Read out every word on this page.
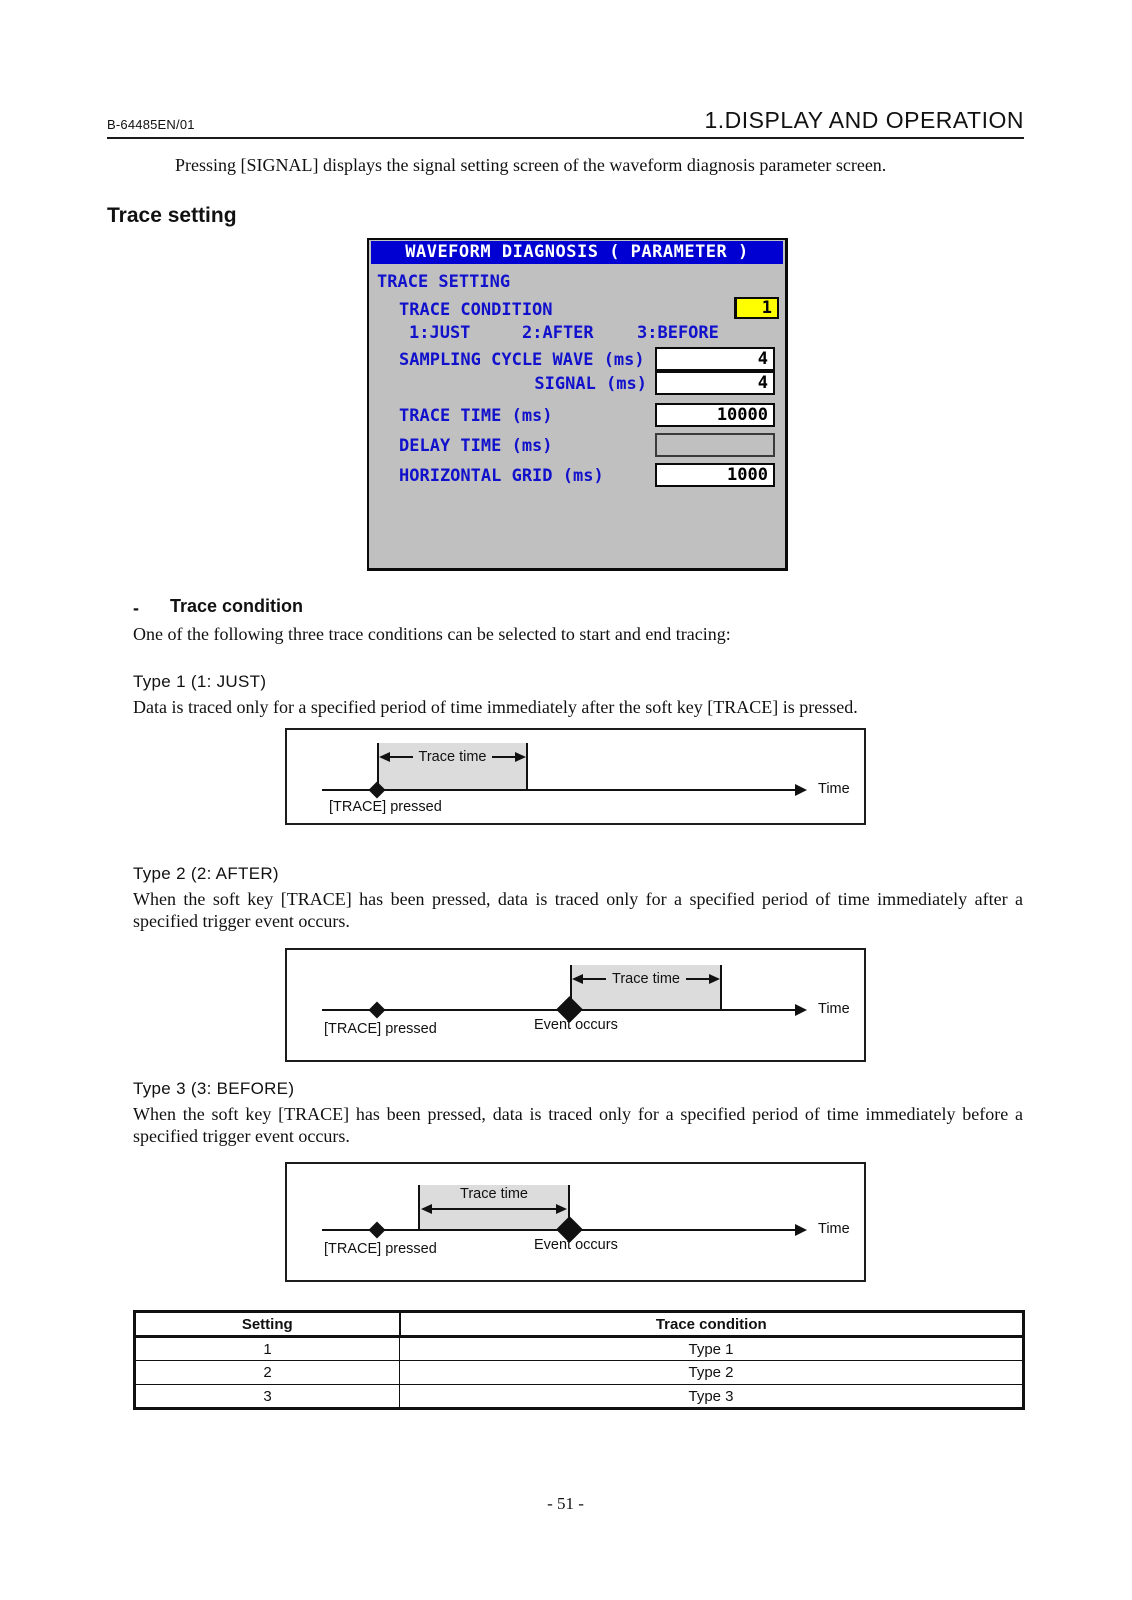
B-64485EN/01	1.DISPLAY AND OPERATION
Pressing [SIGNAL] displays the signal setting screen of the waveform diagnosis parameter screen.
Trace setting
WAVEFORM DIAGNOSIS ( PARAMETER )
TRACE SETTING
TRACE CONDITION	1
1:JUST	2:AFTER	3:BEFORE
SAMPLING CYCLE WAVE (ms)	4
SIGNAL (ms)	4
TRACE TIME (ms)	10000
DELAY TIME (ms)
HORIZONTAL GRID (ms)	1000
- Trace condition
One of the following three trace conditions can be selected to start and end tracing:
Type 1 (1: JUST)
Data is traced only for a specified period of time immediately after the soft key [TRACE] is pressed.
Time
Trace time
[TRACE] pressed
Type 2 (2: AFTER)
When the soft key [TRACE] has been pressed, data is traced only for a specified period of time immediately after a specified trigger event occurs.
Time
Trace time
[TRACE] pressed	Event occurs
Type 3 (3: BEFORE)
When the soft key [TRACE] has been pressed, data is traced only for a specified period of time immediately before a specified trigger event occurs.
Time
Trace time
[TRACE] pressed	Event occurs
Setting	Trace condition
1	Type 1
2	Type 2
3	Type 3
- 51 -
